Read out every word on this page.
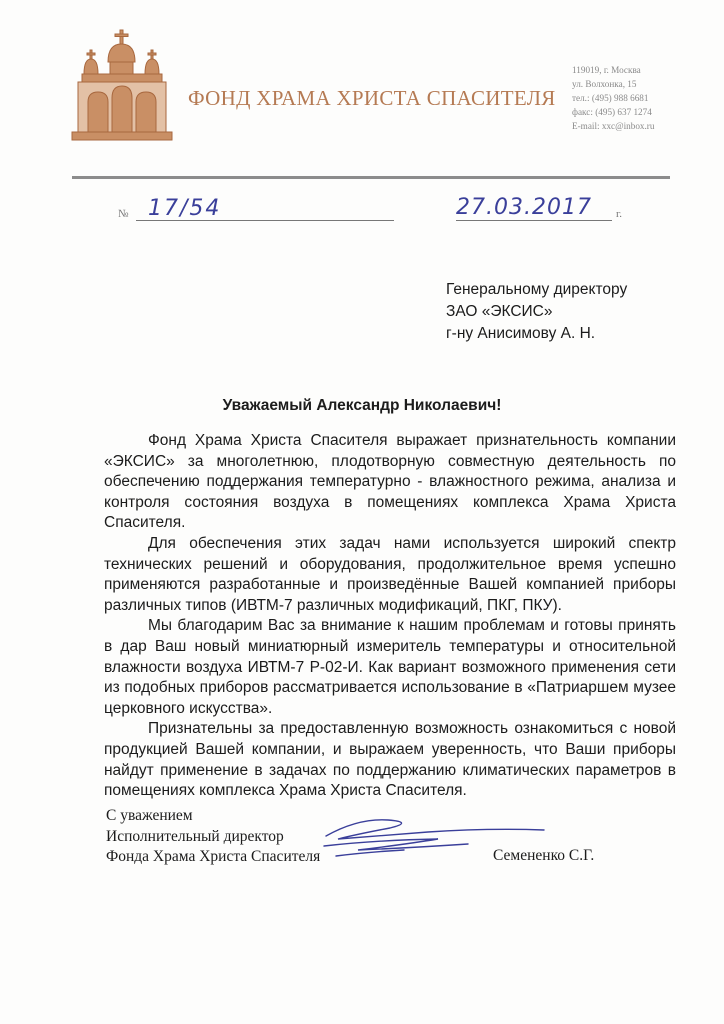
ФОНД ХРАМА ХРИСТА СПАСИТЕЛЯ
119019, г. Москва
ул. Волхонка, 15
тел.: (495) 988 6681
факс: (495) 637 1274
E-mail: xxc@inbox.ru
№ 17/54	27.03.2017 г.
Генеральному директору
ЗАО «ЭКСИС»
г-ну Анисимову А. Н.
Уважаемый Александр Николаевич!

Фонд Храма Христа Спасителя выражает признательность компании «ЭКСИС» за многолетнюю, плодотворную совместную деятельность по обеспечению поддержания температурно - влажностного режима, анализа и контроля состояния воздуха в помещениях комплекса Храма Христа Спасителя.

Для обеспечения этих задач нами используется широкий спектр технических решений и оборудования, продолжительное время успешно применяются разработанные и произведённые Вашей компанией приборы различных типов (ИВТМ-7 различных модификаций, ПКГ, ПКУ).

Мы благодарим Вас за внимание к нашим проблемам и готовы принять в дар Ваш новый миниатюрный измеритель температуры и относительной влажности воздуха ИВТМ-7 Р-02-И. Как вариант возможного применения сети из подобных приборов рассматривается использование в «Патриаршем музее церковного искусства».

Признательны за предоставленную возможность ознакомиться с новой продукцией Вашей компании, и выражаем уверенность, что Ваши приборы найдут применение в задачах по поддержанию климатических параметров в помещениях комплекса Храма Христа Спасителя.

С уважением
Исполнительный директор
Фонда Храма Христа Спасителя	Семененко С.Г.
